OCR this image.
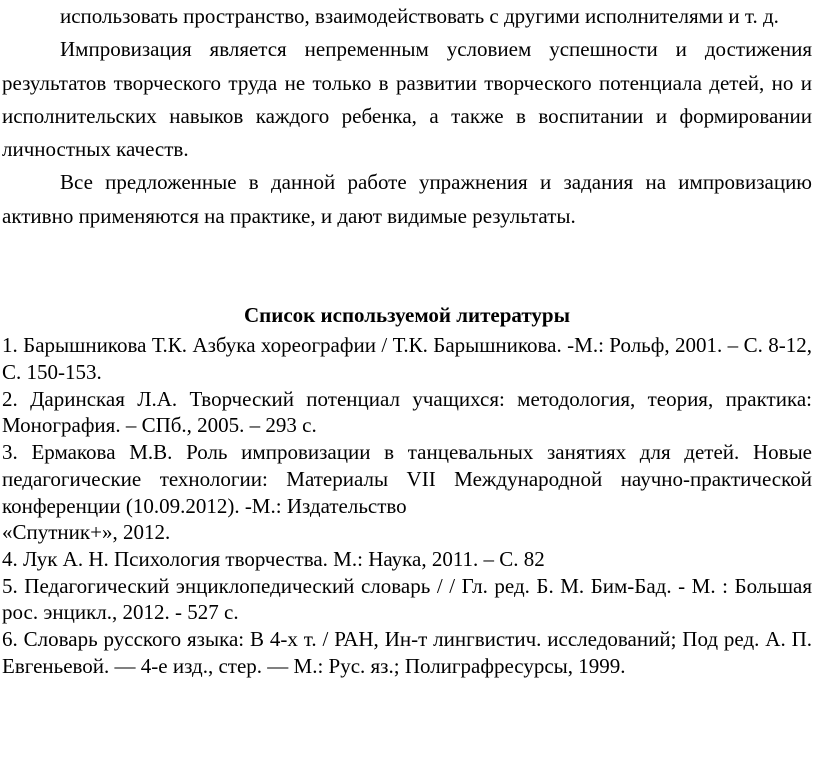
использовать пространство, взаимодействовать с другими исполнителями и т. д.

Импровизация является непременным условием успешности и достижения результатов творческого труда не только в развитии творческого потенциала детей, но и исполнительских навыков каждого ребенка, а также в воспитании и формировании личностных качеств.

Все предложенные в данной работе упражнения и задания на импровизацию активно применяются на практике, и дают видимые результаты.

Список используемой литературы

1. Барышникова Т.К. Азбука хореографии / Т.К. Барышникова. -М.: Рольф, 2001. – С. 8-12, С. 150-153.

2. Даринская Л.А. Творческий потенциал учащихся: методология, теория, практика: Монография. – СПб., 2005. – 293 с.

3. Ермакова М.В. Роль импровизации в танцевальных занятиях для детей. Новые педагогические технологии: Материалы VII Международной научно-практической конференции (10.09.2012). -М.: Издательство
«Спутник+», 2012.

4. Лук А. Н. Психология творчества. М.: Наука, 2011. – С. 82

5. Педагогический энциклопедический словарь / / Гл. ред. Б. М. Бим-Бад. - М. : Большая рос. энцикл., 2012. - 527 с.

6. Словарь русского языка: В 4-х т. / РАН, Ин-т лингвистич. исследований; Под ред. А. П. Евгеньевой. — 4-е изд., стер. — М.: Рус. яз.; Полиграфресурсы, 1999.
